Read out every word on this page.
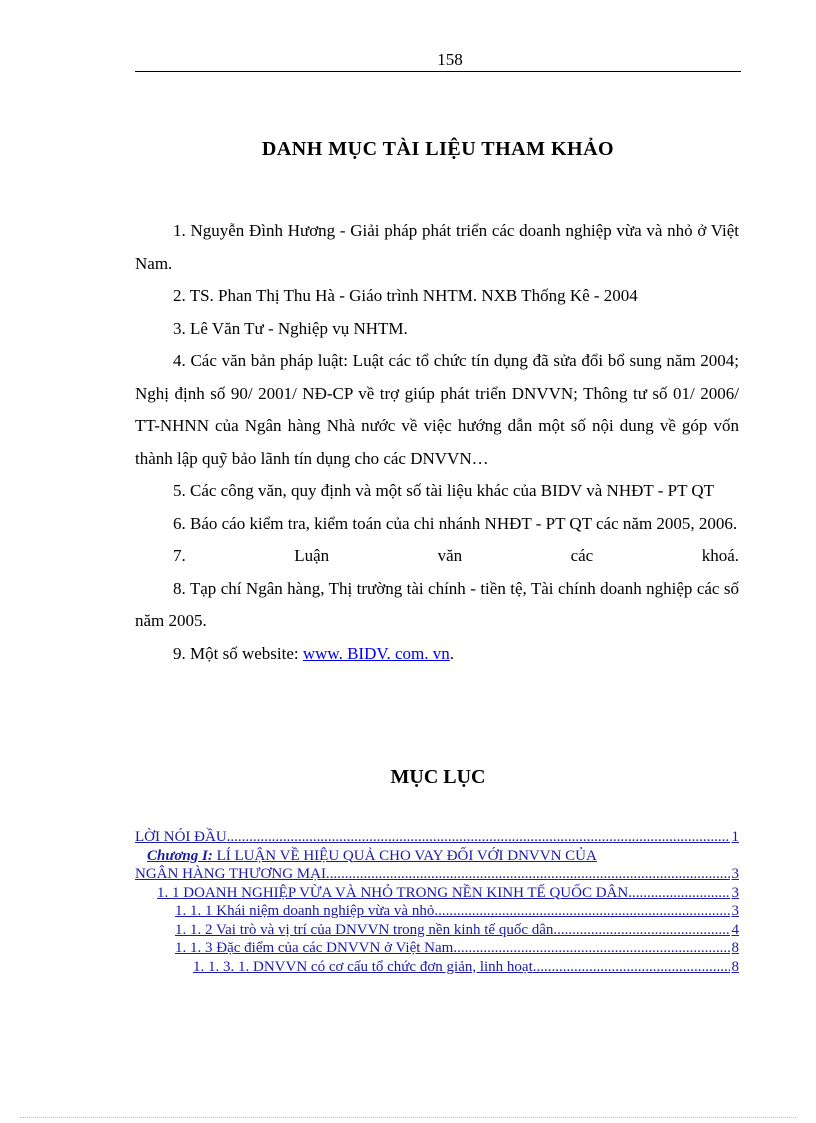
158
DANH MỤC TÀI LIỆU THAM KHẢO

1. Nguyễn Đình Hương - Giải pháp phát triển các doanh nghiệp vừa và nhỏ ở Việt Nam.

2. TS. Phan Thị Thu Hà - Giáo trình NHTM. NXB Thống Kê - 2004

3. Lê Văn Tư - Nghiệp vụ NHTM.

4. Các văn bản pháp luật: Luật các tổ chức tín dụng đã sửa đổi bổ sung năm 2004; Nghị định số 90/ 2001/ NĐ-CP về trợ giúp phát triển DNVVN; Thông tư số 01/ 2006/ TT-NHNN của Ngân hàng Nhà nước về việc hướng dẫn một số nội dung về góp vốn thành lập quỹ bảo lãnh tín dụng cho các DNVVN…

5. Các công văn, quy định và một số tài liệu khác của BIDV và NHĐT - PT QT

6. Báo cáo kiểm tra, kiểm toán của chi nhánh NHĐT - PT QT các năm 2005, 2006.

7. Luận văn các khoá.

8. Tạp chí Ngân hàng, Thị trường tài chính - tiền tệ, Tài chính doanh nghiệp các số năm 2005.

9. Một số website: www. BIDV. com. vn.

MỤC LỤC
LỜI NÓI ĐẦU .....	1
Chương I: LÍ LUẬN VỀ HIỆU QUẢ CHO VAY ĐỐI VỚI DNVVN CỦA
NGÂN HÀNG THƯƠNG MẠI. .....	3
1. 1 DOANH NGHIỆP VỪA VÀ NHỎ TRONG NỀN KINH TẾ QUỐC DÂN .....	3
1. 1. 1 Khái niệm doanh nghiệp vừa và nhỏ .....	3
1. 1. 2 Vai trò và vị trí của DNVVN trong nền kinh tế quốc dân .....	4
1. 1. 3 Đặc điểm của các DNVVN ở Việt Nam .....	8
1. 1. 3. 1. DNVVN có cơ cấu tổ chức đơn giản, linh hoạt .....	8
